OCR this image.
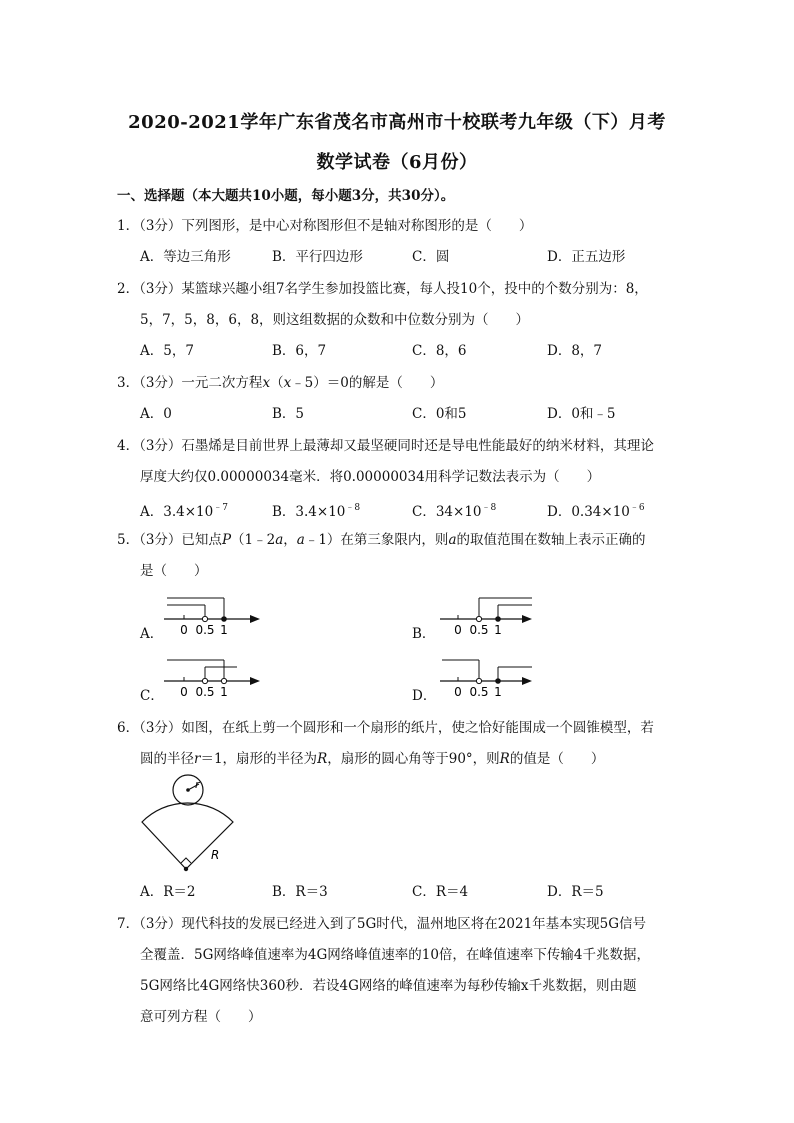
2020-2021学年广东省茂名市高州市十校联考九年级（下）月考
数学试卷（6月份）
一、选择题（本大题共10小题，每小题3分，共30分）。
1．（3分）下列图形，是中心对称图形但不是轴对称图形的是（　　）
A．等边三角形	B．平行四边形	C．圆	D．正五边形
2．（3分）某篮球兴趣小组7名学生参加投篮比赛，每人投10个，投中的个数分别为：8，
5，7，5，8，6，8，则这组数据的众数和中位数分别为（　　）
A．5，7	B．6，7	C．8，6	D．8，7
3．（3分）一元二次方程x（x﹣5）＝0的解是（　　）
A．0	B．5	C．0和5	D．0和﹣5
4．（3分）石墨烯是目前世界上最薄却又最坚硬同时还是导电性能最好的纳米材料，其理论
厚度大约仅0.00000034毫米．将0.00000034用科学记数法表示为（　　）
A．$3.4\times 10^{﹣7}$	B．$3.4\times 10^{﹣8}$	C．$34\times 10^{﹣8}$	D．$0.34\times 10^{﹣6}$
5．（3分）已知点P（1﹣2a，a﹣1）在第三象限内，则a的取值范围在数轴上表示正确的
是（　　）
A． 0 0.5 1	B． 0 0.5 1
C． 0 0.5 1	D． 0 0.5 1
6．（3分）如图，在纸上剪一个圆形和一个扇形的纸片，使之恰好能围成一个圆锥模型，若
圆的半径r＝1，扇形的半径为R，扇形的圆心角等于90°，则R的值是（　　）
r
R
A．R＝2	B．R＝3	C．R＝4	D．R＝5
7．（3分）现代科技的发展已经进入到了5G时代，温州地区将在2021年基本实现5G信号
全覆盖．5G网络峰值速率为4G网络峰值速率的10倍，在峰值速率下传输4千兆数据，
5G网络比4G网络快360秒．若设4G网络的峰值速率为每秒传输x千兆数据，则由题
意可列方程（　　）
